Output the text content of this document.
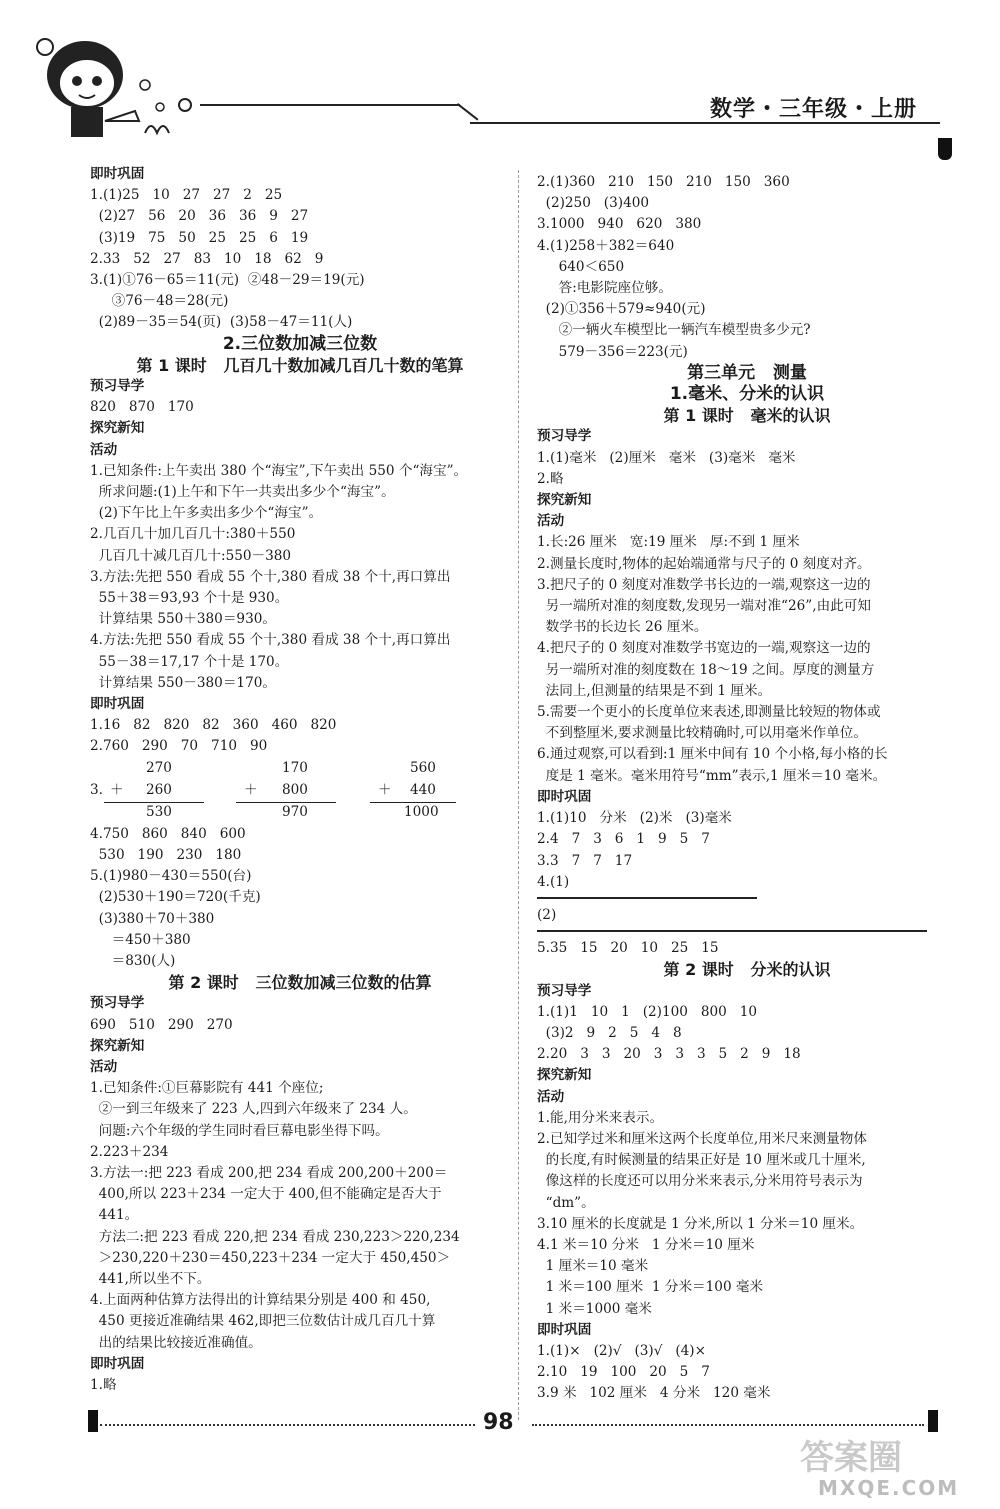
数学・三年级・上册
即时巩固
1.(1)25   10   27   27   2   25
(2)27   56   20   36   36   9   27
(3)19   75   50   25   25   6   19
2.33   52   27   83   10   18   62   9
3.(1)①76－65＝11(元)  ②48－29＝19(元)
③76－48＝28(元)
(2)89－35＝54(页)  (3)58－47＝11(人)
2.三位数加减三位数
第 1 课时   几百几十数加减几百几十数的笔算
预习导学
820   870   170
探究新知
活动
1.已知条件:上午卖出 380 个“海宝”,下午卖出 550 个“海宝”。
所求问题:(1)上午和下午一共卖出多少个“海宝”。
(2)下午比上午多卖出多少个“海宝”。
2.几百几十加几百几十:380＋550
几百几十减几百几十:550－380
3.方法:先把 550 看成 55 个十,380 看成 38 个十,再口算出
55＋38＝93,93 个十是 930。
计算结果 550＋380＝930。
4.方法:先把 550 看成 55 个十,380 看成 38 个十,再口算出
55－38＝17,17 个十是 170。
计算结果 550－380＝170。
即时巩固
1.16   82   820   82   360   460   820
2.760   290   70   710   90
3.
270
＋ 260
530
170
＋ 800
970
560
＋ 440
1000
4.750   860   840   600
530   190   230   180
5.(1)980－430＝550(台)
(2)530＋190＝720(千克)
(3)380＋70＋380
＝450＋380
＝830(人)
第 2 课时   三位数加减三位数的估算
预习导学
690   510   290   270
探究新知
活动
1.已知条件:①巨幕影院有 441 个座位;
②一到三年级来了 223 人,四到六年级来了 234 人。
问题:六个年级的学生同时看巨幕电影坐得下吗。
2.223＋234
3.方法一:把 223 看成 200,把 234 看成 200,200＋200＝
400,所以 223＋234 一定大于 400,但不能确定是否大于
441。
方法二:把 223 看成 220,把 234 看成 230,223＞220,234
＞230,220＋230＝450,223＋234 一定大于 450,450＞
441,所以坐不下。
4.上面两种估算方法得出的计算结果分别是 400 和 450,
450 更接近准确结果 462,即把三位数估计成几百几十算
出的结果比较接近准确值。
即时巩固
1.略
2.(1)360   210   150   210   150   360
(2)250   (3)400
3.1000   940   620   380
4.(1)258＋382＝640
640＜650
答:电影院座位够。
(2)①356＋579≈940(元)
②一辆火车模型比一辆汽车模型贵多少元?
579－356＝223(元)
第三单元   测量
1.毫米、分米的认识
第 1 课时   毫米的认识
预习导学
1.(1)毫米   (2)厘米   毫米   (3)毫米   毫米
2.略
探究新知
活动
1.长:26 厘米   宽:19 厘米   厚:不到 1 厘米
2.测量长度时,物体的起始端通常与尺子的 0 刻度对齐。
3.把尺子的 0 刻度对准数学书长边的一端,观察这一边的
另一端所对准的刻度数,发现另一端对准“26”,由此可知
数学书的长边长 26 厘米。
4.把尺子的 0 刻度对准数学书宽边的一端,观察这一边的
另一端所对准的刻度数在 18～19 之间。厚度的测量方
法同上,但测量的结果是不到 1 厘米。
5.需要一个更小的长度单位来表述,即测量比较短的物体或
不到整厘米,要求测量比较精确时,可以用毫米作单位。
6.通过观察,可以看到:1 厘米中间有 10 个小格,每小格的长
度是 1 毫米。毫米用符号“mm”表示,1 厘米＝10 毫米。
即时巩固
1.(1)10   分米   (2)米   (3)毫米
2.4   7   3   6   1   9   5   7
3.3   7   7   17
4.(1)
(2)
5.35   15   20   10   25   15
第 2 课时   分米的认识
预习导学
1.(1)1   10   1   (2)100   800   10
(3)2   9   2   5   4   8
2.20   3   3   20   3   3   3   5   2   9   18
探究新知
活动
1.能,用分米来表示。
2.已知学过米和厘米这两个长度单位,用米尺来测量物体
的长度,有时候测量的结果正好是 10 厘米或几十厘米,
像这样的长度还可以用分米来表示,分米用符号表示为
“dm”。
3.10 厘米的长度就是 1 分米,所以 1 分米＝10 厘米。
4.1 米＝10 分米   1 分米＝10 厘米
1 厘米＝10 毫米
1 米＝100 厘米  1 分米＝100 毫米
1 米＝1000 毫米
即时巩固
1.(1)×   (2)√   (3)√   (4)×
2.10   19   100   20   5   7
3.9 米   102 厘米   4 分米   120 毫米
98
答案圈
MXQE.COM
